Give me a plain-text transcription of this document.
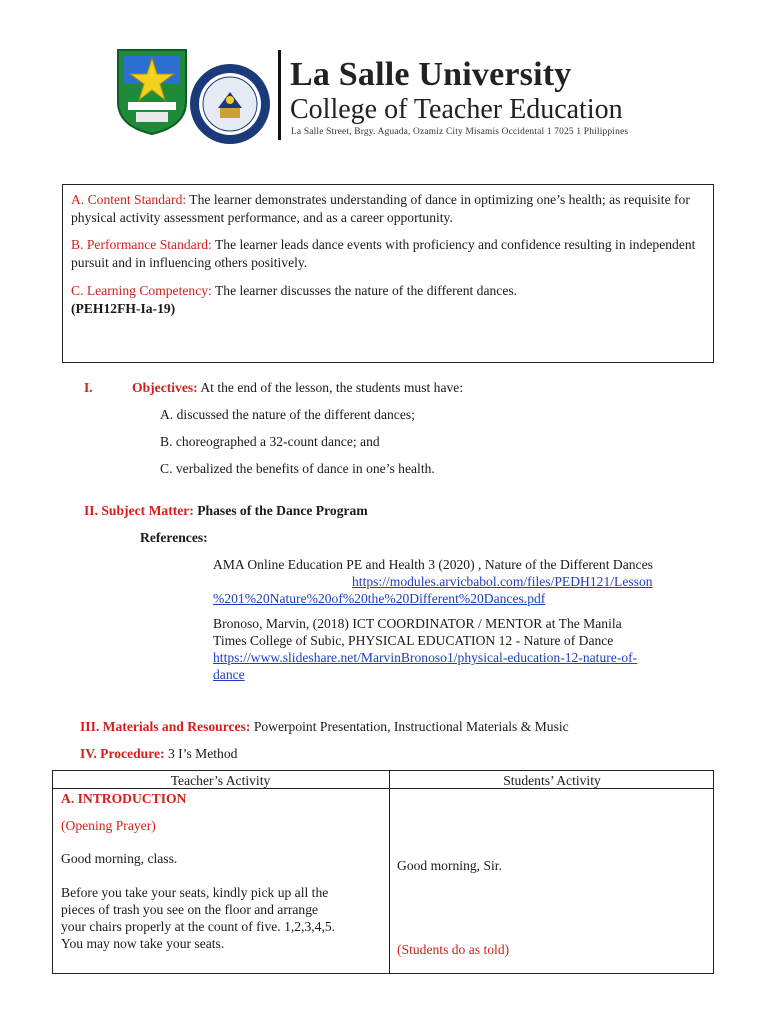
La Salle University
College of Teacher Education
La Salle Street, Brgy. Aguada, Ozamiz City Misamis Occidental 1 7025 1 Philippines
A. Content Standard: The learner demonstrates understanding of dance in optimizing one’s health; as requisite for physical activity assessment performance, and as a career opportunity.
B. Performance Standard: The learner leads dance events with proficiency and confidence resulting in independent pursuit and in influencing others positively.
C. Learning Competency: The learner discusses the nature of the different dances.
(PEH12FH-Ia-19)
I.	Objectives: At the end of the lesson, the students must have:
A. discussed the nature of the different dances;
B. choreographed a 32-count dance; and
C. verbalized the benefits of dance in one’s health.
II. Subject Matter: Phases of the Dance Program
References:
AMA Online Education PE and Health 3 (2020) , Nature of the Different Dances
https://modules.arvicbabol.com/files/PEDH121/Lesson
%201%20Nature%20of%20the%20Different%20Dances.pdf
Bronoso, Marvin, (2018) ICT COORDINATOR / MENTOR at The Manila
Times College of Subic, PHYSICAL EDUCATION 12 - Nature of Dance
https://www.slideshare.net/MarvinBronoso1/physical-education-12-nature-of-
dance
III. Materials and Resources: Powerpoint Presentation, Instructional Materials & Music
IV. Procedure: 3 I’s Method
Teacher’s Activity	Students’ Activity
A. INTRODUCTION
(Opening Prayer)
Good morning, class.
Before you take your seats, kindly pick up all the
pieces of trash you see on the floor and arrange
your chairs properly at the count of five. 1,2,3,4,5.
You may now take your seats.
Good morning, Sir.
(Students do as told)
